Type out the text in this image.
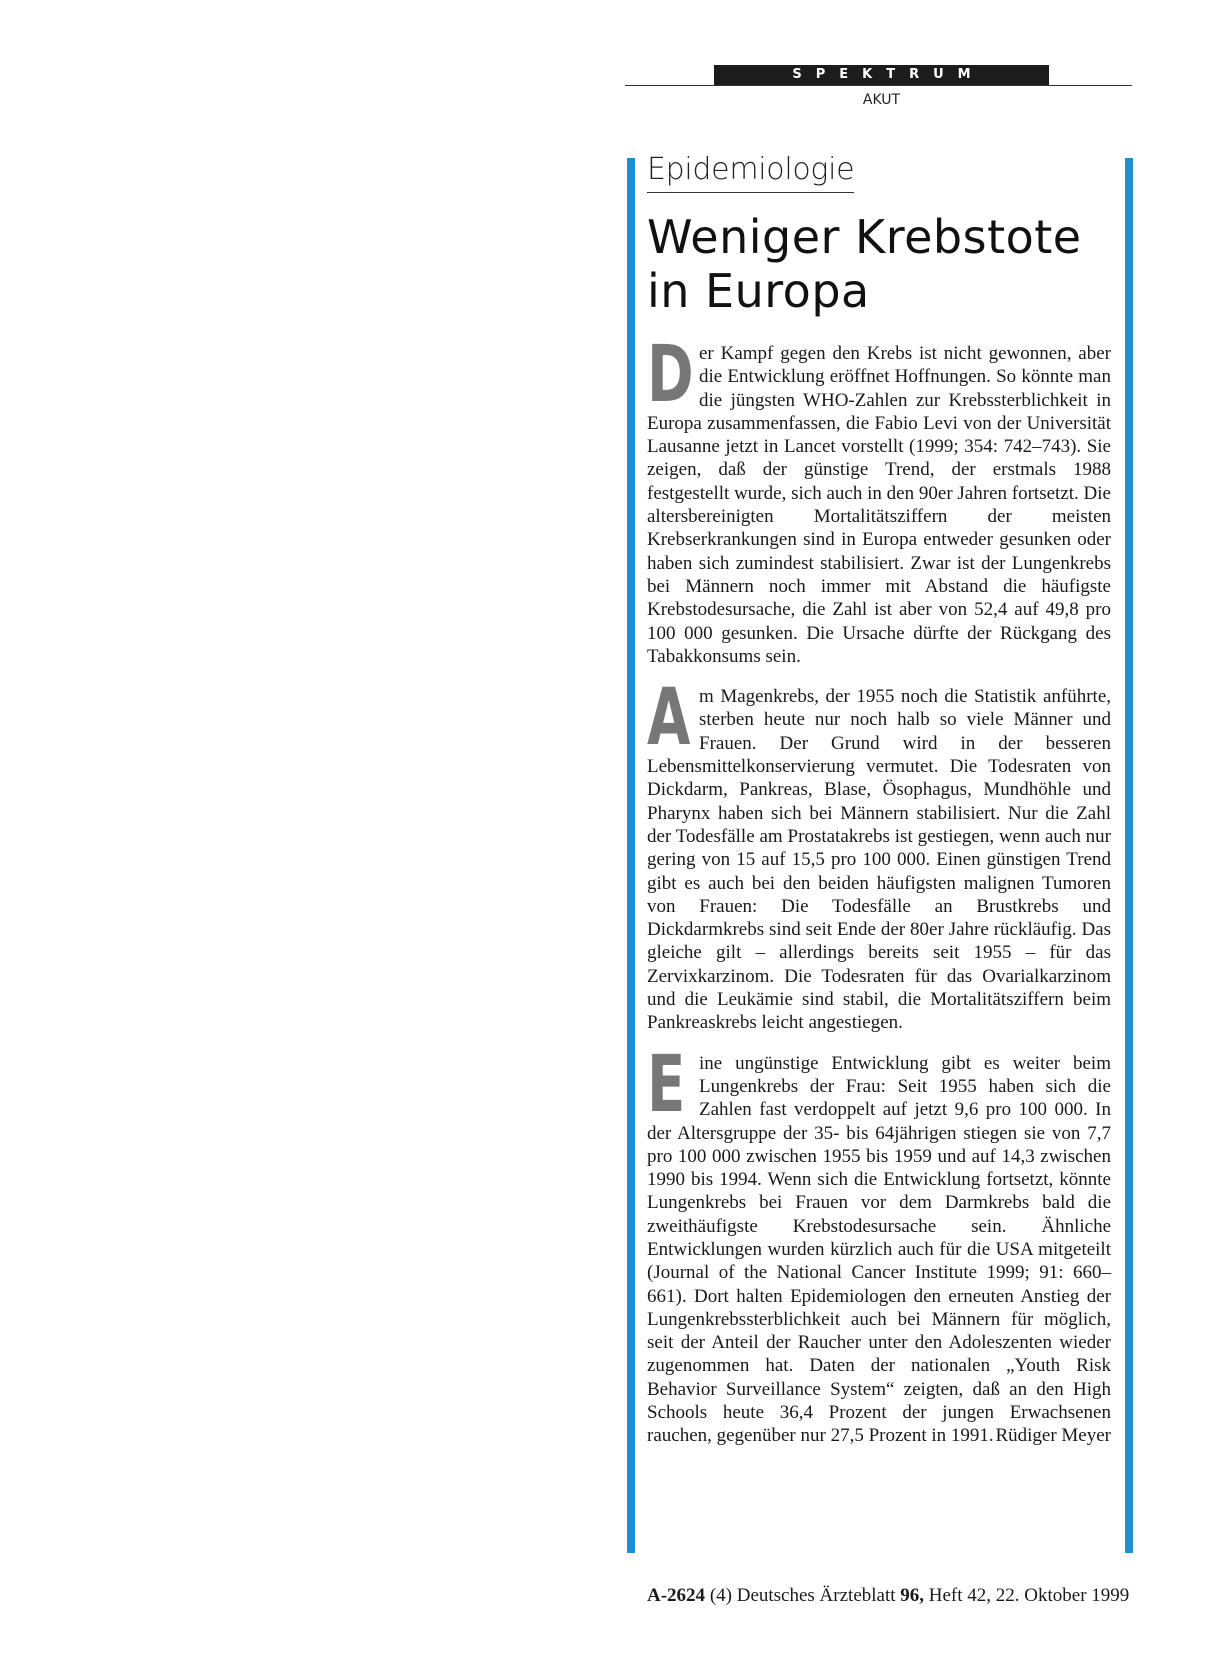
SPEKTRUM
AKUT
Epidemiologie
Weniger Krebstote in Europa

Der Kampf gegen den Krebs ist nicht gewonnen, aber die Entwicklung eröffnet Hoffnungen. So könnte man die jüngsten WHO-Zahlen zur Krebssterblichkeit in Europa zusammenfassen, die Fabio Levi von der Universität Lausanne jetzt in Lancet vorstellt (1999; 354: 742–743). Sie zeigen, daß der günstige Trend, der erstmals 1988 festgestellt wurde, sich auch in den 90er Jahren fortsetzt. Die altersbereinigten Mortalitätsziffern der meisten Krebserkrankungen sind in Europa entweder gesunken oder haben sich zumindest stabilisiert. Zwar ist der Lungenkrebs bei Männern noch immer mit Abstand die häufigste Krebstodesursache, die Zahl ist aber von 52,4 auf 49,8 pro 100 000 gesunken. Die Ursache dürfte der Rückgang des Tabakkonsums sein.

Am Magenkrebs, der 1955 noch die Statistik anführte, sterben heute nur noch halb so viele Männer und Frauen. Der Grund wird in der besseren Lebensmittelkonservierung vermutet. Die Todesraten von Dickdarm, Pankreas, Blase, Ösophagus, Mundhöhle und Pharynx haben sich bei Männern stabilisiert. Nur die Zahl der Todesfälle am Prostatakrebs ist gestiegen, wenn auch nur gering von 15 auf 15,5 pro 100 000. Einen günstigen Trend gibt es auch bei den beiden häufigsten malignen Tumoren von Frauen: Die Todesfälle an Brustkrebs und Dickdarmkrebs sind seit Ende der 80er Jahre rückläufig. Das gleiche gilt – allerdings bereits seit 1955 – für das Zervixkarzinom. Die Todesraten für das Ovarialkarzinom und die Leukämie sind stabil, die Mortalitätsziffern beim Pankreaskrebs leicht angestiegen.

Eine ungünstige Entwicklung gibt es weiter beim Lungenkrebs der Frau: Seit 1955 haben sich die Zahlen fast verdoppelt auf jetzt 9,6 pro 100 000. In der Altersgruppe der 35- bis 64jährigen stiegen sie von 7,7 pro 100 000 zwischen 1955 bis 1959 und auf 14,3 zwischen 1990 bis 1994. Wenn sich die Entwicklung fortsetzt, könnte Lungenkrebs bei Frauen vor dem Darmkrebs bald die zweithäufigste Krebstodesursache sein. Ähnliche Entwicklungen wurden kürzlich auch für die USA mitgeteilt (Journal of the National Cancer Institute 1999; 91: 660–661). Dort halten Epidemiologen den erneuten Anstieg der Lungenkrebssterblichkeit auch bei Männern für möglich, seit der Anteil der Raucher unter den Adoleszenten wieder zugenommen hat. Daten der nationalen „Youth Risk Behavior Surveillance System“ zeigten, daß an den High Schools heute 36,4 Prozent der jungen Erwachsenen rauchen, gegenüber nur 27,5 Prozent in 1991. Rüdiger Meyer

A-2624 (4) Deutsches Ärzteblatt 96, Heft 42, 22. Oktober 1999
